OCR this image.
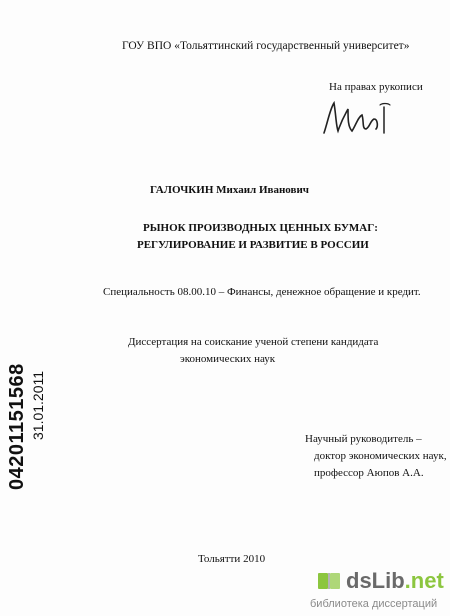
ГОУ ВПО «Тольяттинский государственный университет»
На правах рукописи
ГАЛОЧКИН Михаил Иванович
РЫНОК ПРОИЗВОДНЫХ ЦЕННЫХ БУМАГ:
РЕГУЛИРОВАНИЕ И РАЗВИТИЕ В РОССИИ
Специальность 08.00.10 – Финансы, денежное обращение и кредит.
Диссертация на соискание ученой степени кандидата
экономических наук
Научный руководитель –
доктор экономических наук,
профессор Аюпов А.А.
Тольятти 2010
04201151568 31.01.2011
dsLib.net
библиотека диссертаций
